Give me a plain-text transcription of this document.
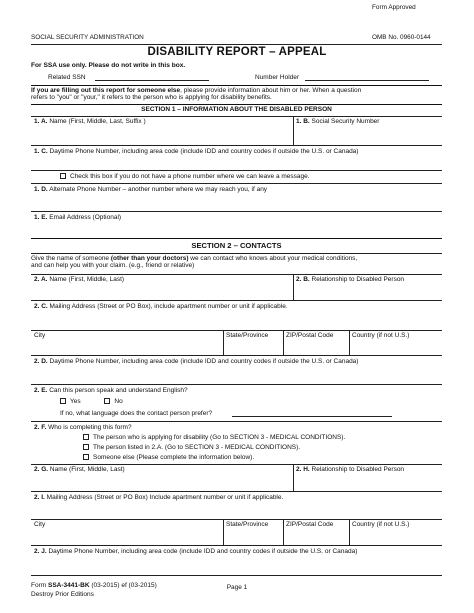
SOCIAL SECURITY ADMINISTRATION
Form Approved
OMB No. 0960-0144
DISABILITY REPORT – APPEAL
For SSA use only. Please do not write in this box.
Related SSN	Number Holder
If you are filling out this report for someone else, please provide information about him or her. When a question
refers to "you" or "your," it refers to the person who is applying for disability benefits.
SECTION 1 – INFORMATION ABOUT THE DISABLED PERSON
1. A. Name (First, Middle, Last, Suffix )	1. B. Social Security Number
1. C. Daytime Phone Number, including area code (include IDD and country codes if outside the U.S. or Canada)
Check this box if you do not have a phone number where we can leave a message.
1. D. Alternate Phone Number – another number where we may reach you, if any
1. E. Email Address (Optional)
SECTION 2 – CONTACTS
Give the name of someone (other than your doctors) we can contact who knows about your medical conditions,
and can help you with your claim. (e.g., friend or relative)
2. A. Name (First, Middle, Last)	2. B. Relationship to Disabled Person
2. C. Mailing Address (Street or PO Box), include apartment number or unit if applicable.
City	State/Province	ZIP/Postal Code	Country (if not U.S.)
2. D. Daytime Phone Number, including area code (include IDD and country codes if outside the U.S. or Canada)
2. E. Can this person speak and understand English?
Yes	No
If no, what language does the contact person prefer?
2. F. Who is completing this form?
The person who is applying for disability (Go to SECTION 3 - MEDICAL CONDITIONS).
The person listed in 2.A. (Go to SECTION 3 - MEDICAL CONDITIONS).
Someone else (Please complete the information below).
2. G. Name (First, Middle, Last)	2. H. Relationship to Disabled Person
2. I. Mailing Address (Street or PO Box) Include apartment number or unit if applicable.
City	State/Province	ZIP/Postal Code	Country (if not U.S.)
2. J. Daytime Phone Number, including area code (include IDD and country codes if outside the U.S. or Canada)
Form SSA-3441-BK (03-2015) ef (03-2015)
Destroy Prior Editions
Page 1
